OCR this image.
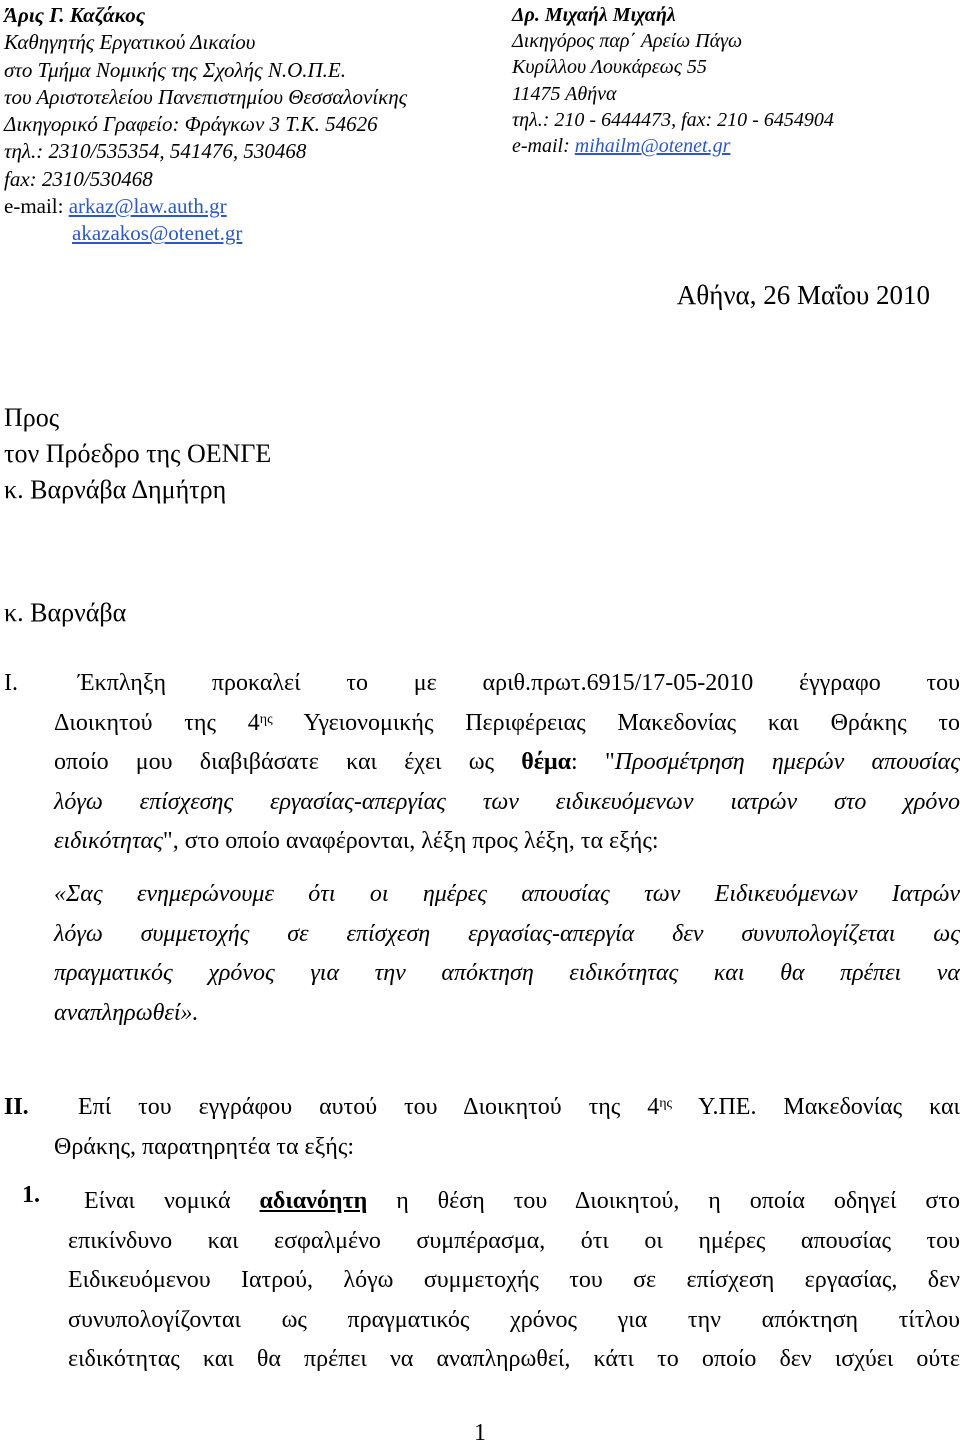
Άρις Γ. Καζάκος
Καθηγητής Εργατικού Δικαίου
στο Τμήμα Νομικής της Σχολής Ν.Ο.Π.Ε.
του Αριστοτελείου Πανεπιστημίου Θεσσαλονίκης
Δικηγορικό Γραφείο: Φράγκων 3 Τ.Κ. 54626
τηλ.: 2310/535354, 541476, 530468
fax: 2310/530468
e-mail: arkaz@law.auth.gr
akazakos@otenet.gr
Δρ. Μιχαήλ Μιχαήλ
Δικηγόρος παρ΄ Αρείω Πάγω
Κυρίλλου Λουκάρεως 55
11475 Αθήνα
τηλ.: 210 - 6444473, fax: 210 - 6454904
e-mail: mihailm@otenet.gr
Αθήνα, 26 Μαΐου 2010
Προς
τον Πρόεδρο της ΟΕΝΓΕ
κ. Βαρνάβα Δημήτρη
κ. Βαρνάβα
I.	Έκπληξη προκαλεί το με αριθ.πρωτ.6915/17-05-2010 έγγραφο του
Διοικητού της $4^{\eta\varsigma}$ Υγειονομικής Περιφέρειας Μακεδονίας και Θράκης το
οποίο μου διαβιβάσατε και έχει ως θέμα: "Προσμέτρηση ημερών απουσίας
λόγω επίσχεσης εργασίας-απεργίας των ειδικευόμενων ιατρών στο χρόνο
ειδικότητας", στο οποίο αναφέρονται, λέξη προς λέξη, τα εξής:
«Σας ενημερώνουμε ότι οι ημέρες απουσίας των Ειδικευόμενων Ιατρών
λόγω συμμετοχής σε επίσχεση εργασίας-απεργία δεν συνυπολογίζεται ως
πραγματικός χρόνος για την απόκτηση ειδικότητας και θα πρέπει να
αναπληρωθεί».
II. Επί του εγγράφου αυτού του Διοικητού της $4^{\eta\varsigma}$ Υ.ΠΕ. Μακεδονίας και
Θράκης, παρατηρητέα τα εξής:
1. Είναι νομικά αδιανόητη η θέση του Διοικητού, η οποία οδηγεί στο
επικίνδυνο και εσφαλμένο συμπέρασμα, ότι οι ημέρες απουσίας του
Ειδικευόμενου Ιατρού, λόγω συμμετοχής του σε επίσχεση εργασίας, δεν
συνυπολογίζονται ως πραγματικός χρόνος για την απόκτηση τίτλου
ειδικότητας και θα πρέπει να αναπληρωθεί, κάτι το οποίο δεν ισχύει ούτε
1
